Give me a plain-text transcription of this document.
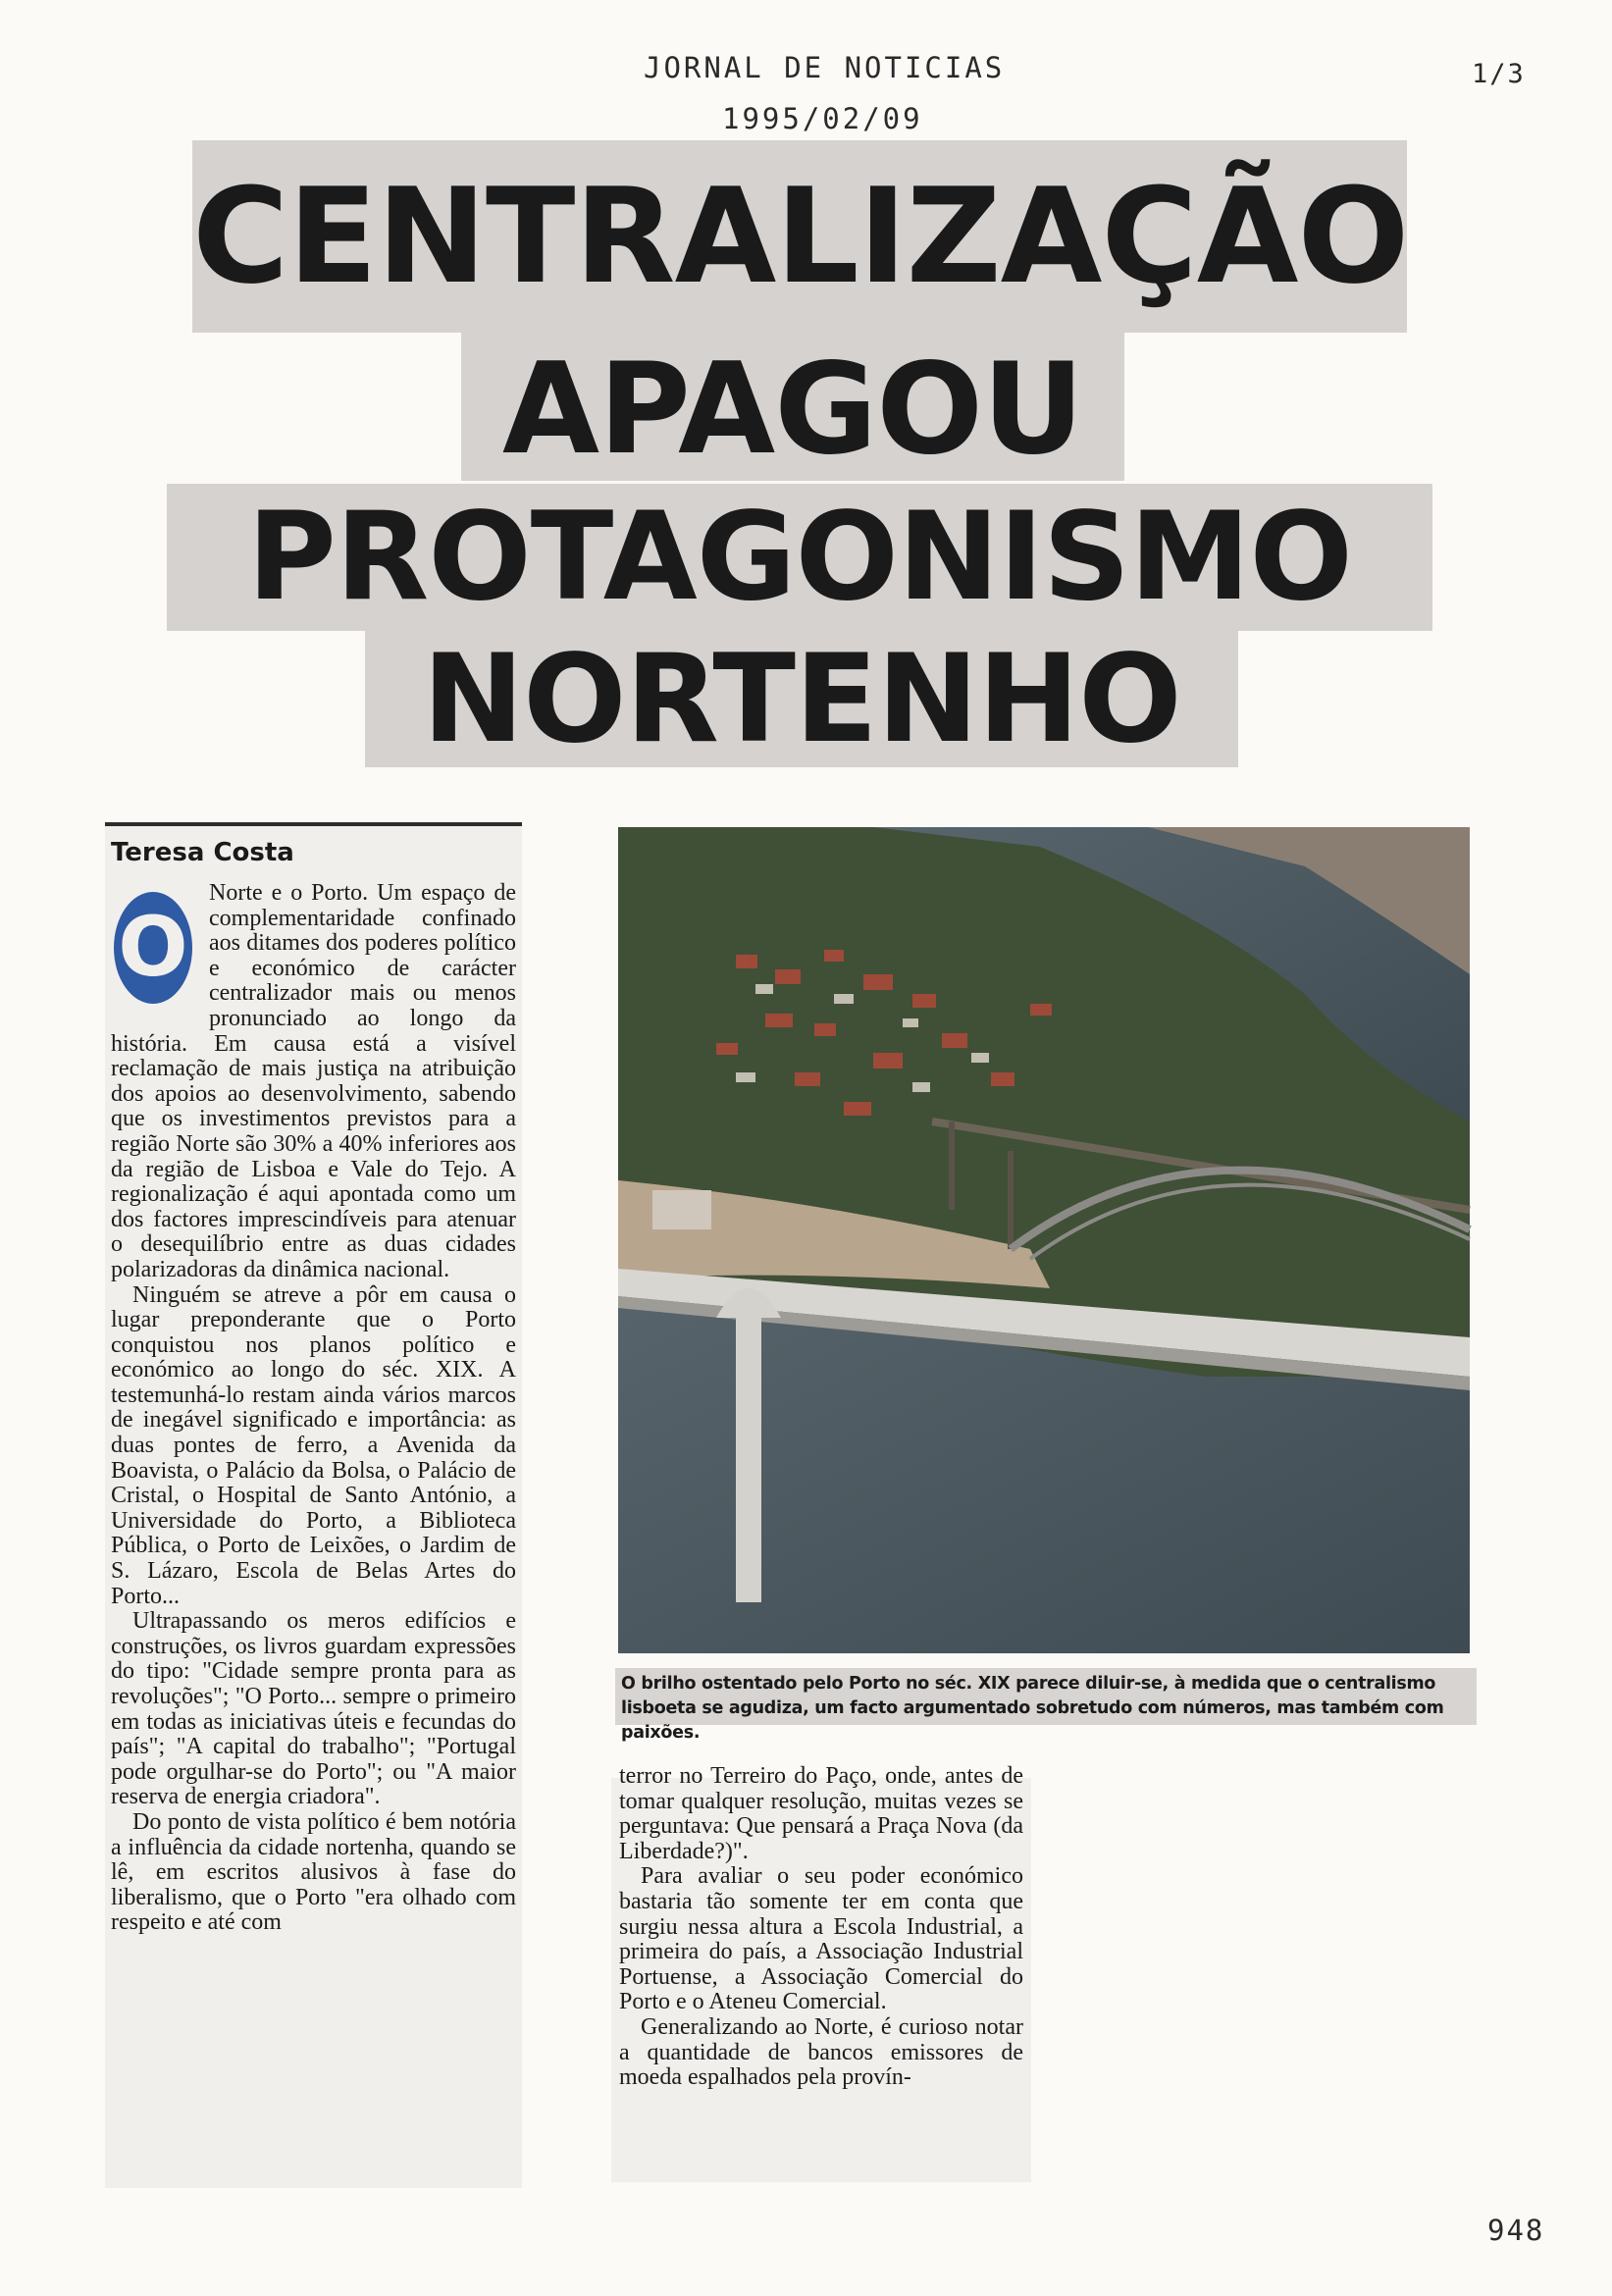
JORNAL DE NOTICIAS
1995/02/09
1/3
CENTRALIZAÇÃO
APAGOU
PROTAGONISMO
NORTENHO
Teresa Costa

O
Norte e o Porto. Um espaço de complementaridade confinado aos ditames dos poderes político e económico de carácter centralizador mais ou menos pronunciado ao longo da história. Em causa está a visível reclamação de mais justiça na atribuição dos apoios ao desenvolvimento, sabendo que os investimentos previstos para a região Norte são 30% a 40% inferiores aos da região de Lisboa e Vale do Tejo. A regionalização é aqui apontada como um dos factores imprescindíveis para atenuar o desequilíbrio entre as duas cidades polarizadoras da dinâmica nacional.

Ninguém se atreve a pôr em causa o lugar preponderante que o Porto conquistou nos planos político e económico ao longo do séc. XIX. A testemunhá-lo restam ainda vários marcos de inegável significado e importância: as duas pontes de ferro, a Avenida da Boavista, o Palácio da Bolsa, o Palácio de Cristal, o Hospital de Santo António, a Universidade do Porto, a Biblioteca Pública, o Porto de Leixões, o Jardim de S. Lázaro, Escola de Belas Artes do Porto...

Ultrapassando os meros edifícios e construções, os livros guardam expressões do tipo: "Cidade sempre pronta para as revoluções"; "O Porto... sempre o primeiro em todas as iniciativas úteis e fecundas do país"; "A capital do trabalho"; "Portugal pode orgulhar-se do Porto"; ou "A maior reserva de energia criadora".

Do ponto de vista político é bem notória a influência da cidade nortenha, quando se lê, em escritos alusivos à fase do liberalismo, que o Porto "era olhado com respeito e até com

O brilho ostentado pelo Porto no séc. XIX parece diluir-se, à medida que o centralismo lisboeta se agudiza, um facto argumentado sobretudo com números, mas também com paixões.

terror no Terreiro do Paço, onde, antes de tomar qualquer resolução, muitas vezes se perguntava: Que pensará a Praça Nova (da Liberdade?)".

Para avaliar o seu poder económico bastaria tão somente ter em conta que surgiu nessa altura a Escola Industrial, a primeira do país, a Associação Industrial Portuense, a Associação Comercial do Porto e o Ateneu Comercial.

Generalizando ao Norte, é curioso notar a quantidade de bancos emissores de moeda espalhados pela provín-

948
